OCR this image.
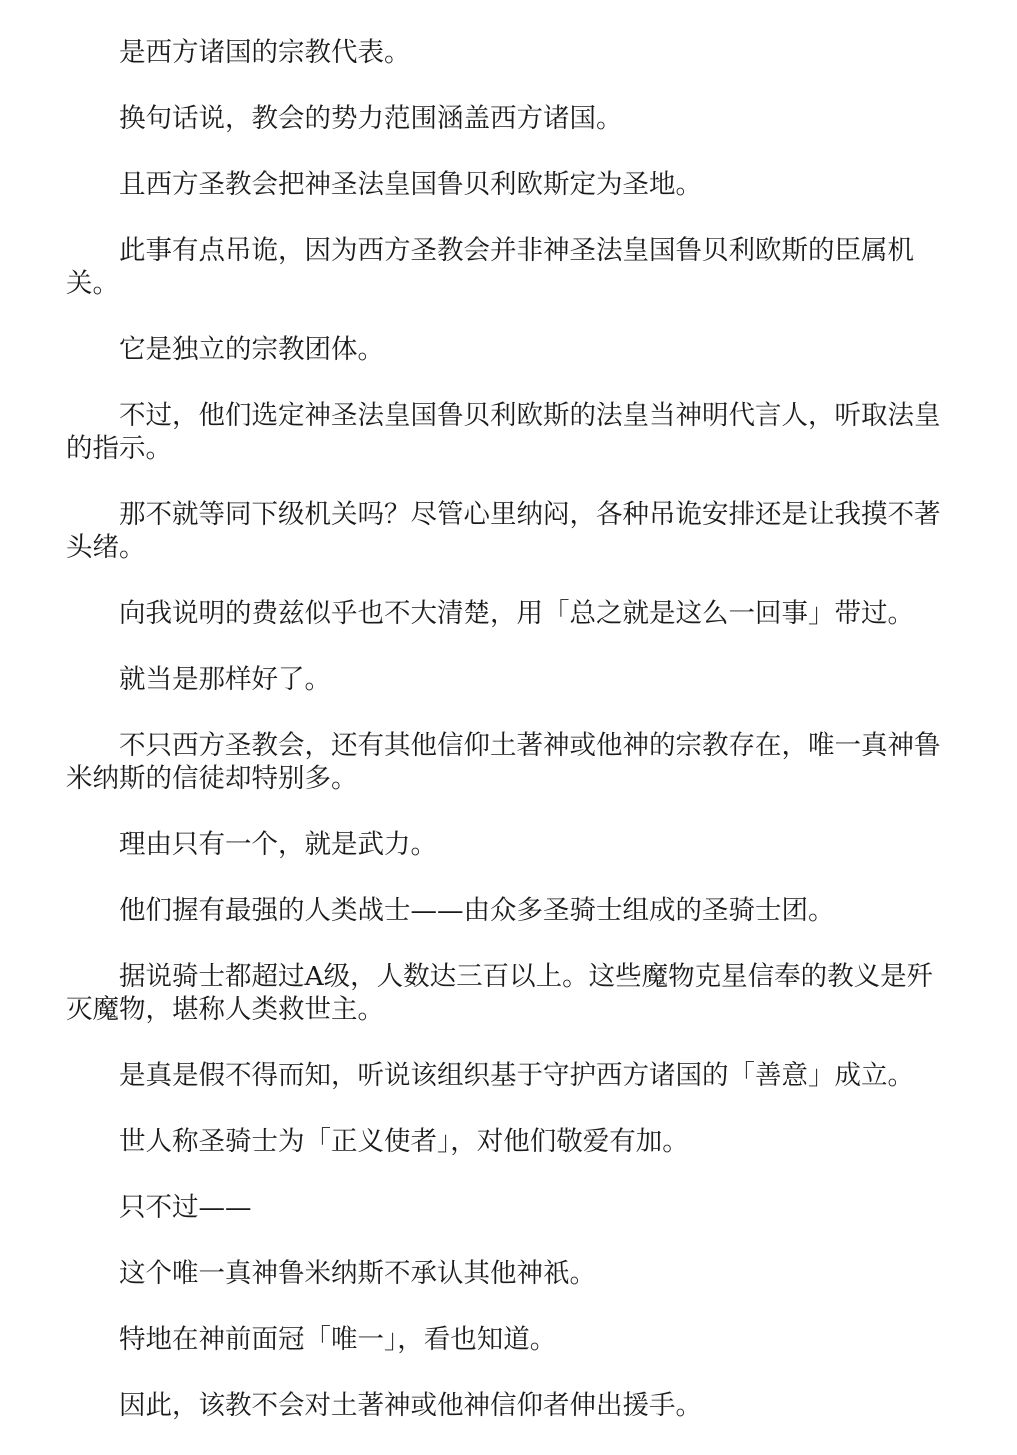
是西方诸国的宗教代表。

换句话说，教会的势力范围涵盖西方诸国。

且西方圣教会把神圣法皇国鲁贝利欧斯定为圣地。

此事有点吊诡，因为西方圣教会并非神圣法皇国鲁贝利欧斯的臣属机关。

它是独立的宗教团体。

不过，他们选定神圣法皇国鲁贝利欧斯的法皇当神明代言人，听取法皇的指示。

那不就等同下级机关吗？尽管心里纳闷，各种吊诡安排还是让我摸不著头绪。

向我说明的费兹似乎也不大清楚，用「总之就是这么一回事」带过。

就当是那样好了。

不只西方圣教会，还有其他信仰土著神或他神的宗教存在，唯一真神鲁米纳斯的信徒却特别多。

理由只有一个，就是武力。

他们握有最强的人类战士——由众多圣骑士组成的圣骑士团。

据说骑士都超过A级，人数达三百以上。这些魔物克星信奉的教义是歼灭魔物，堪称人类救世主。

是真是假不得而知，听说该组织基于守护西方诸国的「善意」成立。

世人称圣骑士为「正义使者」，对他们敬爱有加。

只不过——

这个唯一真神鲁米纳斯不承认其他神祇。

特地在神前面冠「唯一」，看也知道。

因此，该教不会对土著神或他神信仰者伸出援手。
